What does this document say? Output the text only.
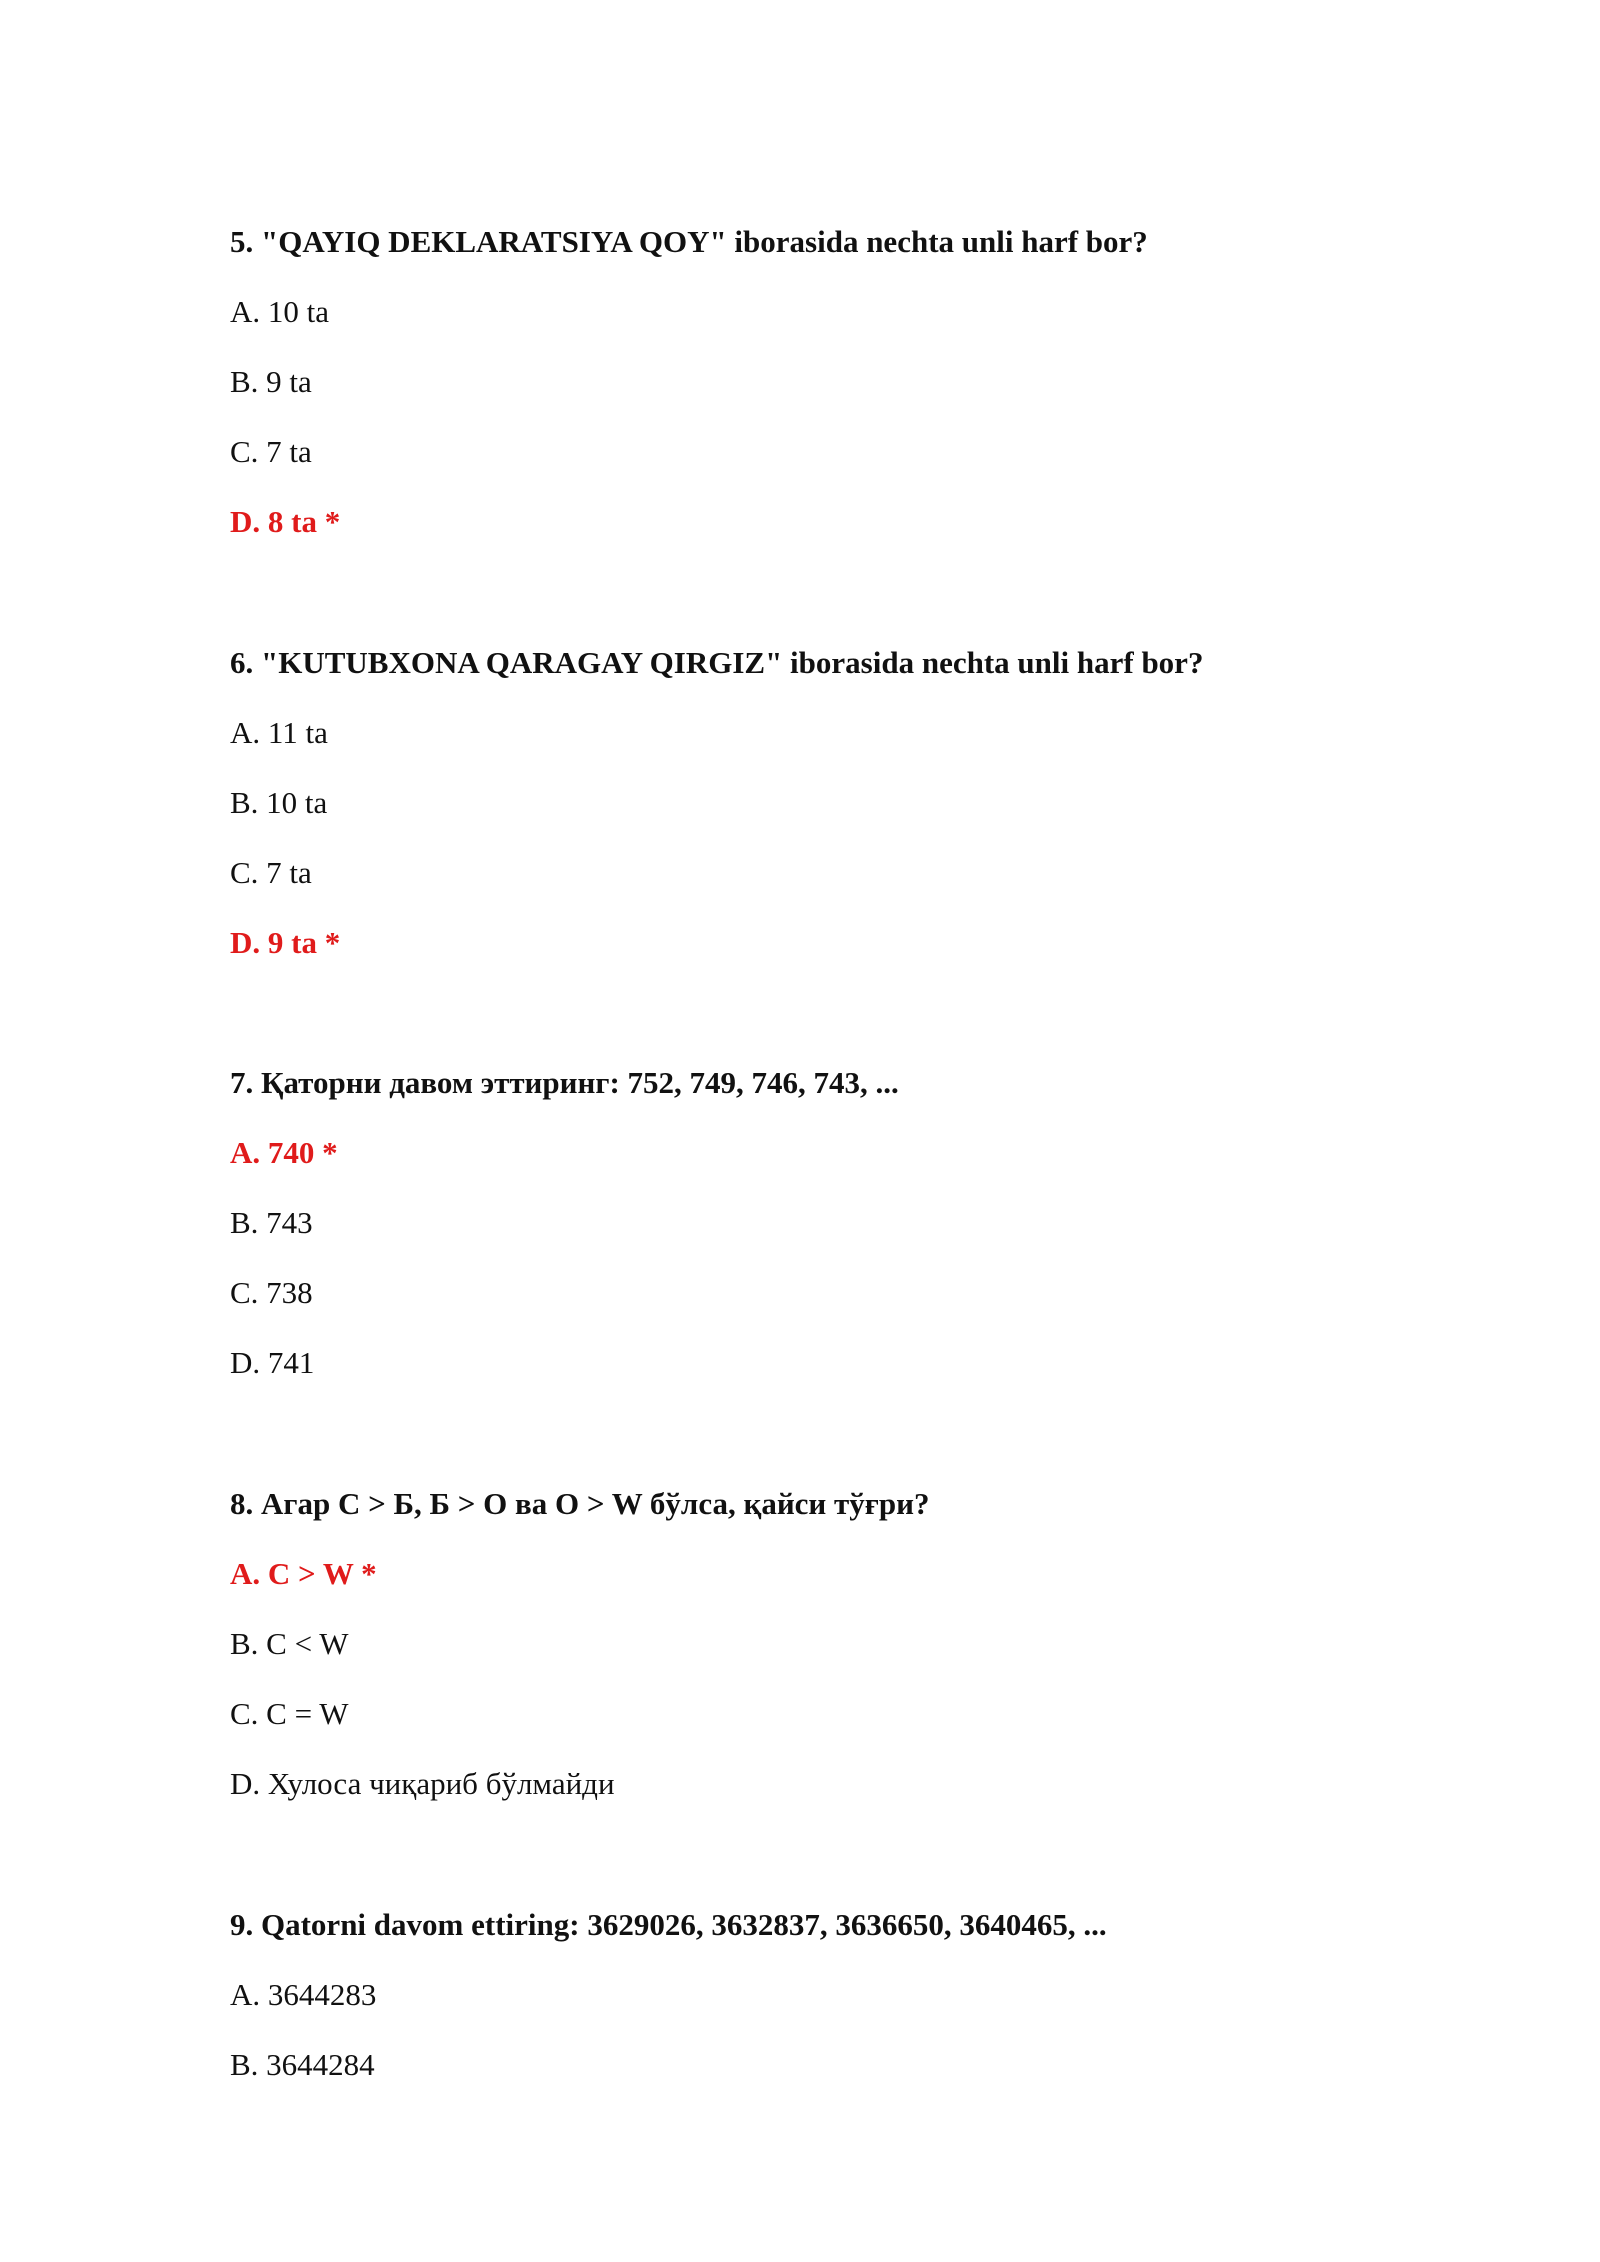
5. "QAYIQ DEKLARATSIYA QOY" iborasida nechta unli harf bor?
A. 10 ta
B. 9 ta
C. 7 ta
D. 8 ta *
6. "KUTUBXONA QARAGAY QIRGIZ" iborasida nechta unli harf bor?
A. 11 ta
B. 10 ta
C. 7 ta
D. 9 ta *
7. Қаторни давом эттиринг: 752, 749, 746, 743, ...
A. 740 *
B. 743
C. 738
D. 741
8. Агар C > Б, Б > O ва O > W бўлса, қайси тўғри?
A. C > W *
B. C < W
C. C = W
D. Хулоса чиқариб бўлмайди
9. Qatorni davom ettiring: 3629026, 3632837, 3636650, 3640465, ...
A. 3644283
B. 3644284
